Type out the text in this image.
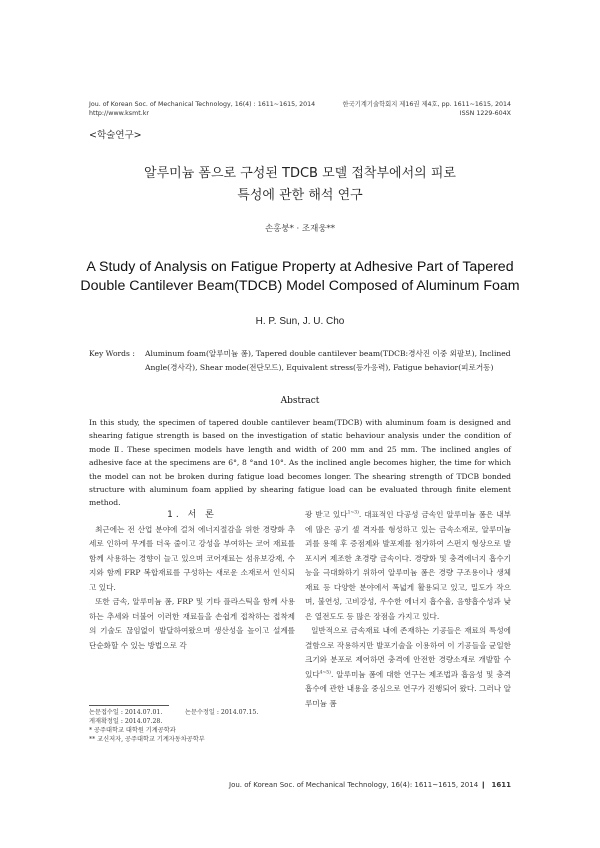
Jou. of Korean Soc. of Mechanical Technology, 16(4) : 1611~1615, 2014
http://www.ksmt.kr
한국기계기술학회지 제16권 제4호, pp. 1611~1615, 2014
ISSN 1229-604X
<학술연구>
알루미늄 폼으로 구성된 TDCB 모델 접착부에서의 피로
특성에 관한 해석 연구
손홍붕* · 조재웅**
A Study of Analysis on Fatigue Property at Adhesive Part of Tapered
Double Cantilever Beam(TDCB) Model Composed of Aluminum Foam
H. P. Sun, J. U. Cho
Key Words : Aluminum foam(알루미늄 폼), Tapered double cantilever beam(TDCB:경사진 이중 외팔보), Inclined Angle(경사각), Shear mode(전단모드), Equivalent stress(등가응력), Fatigue behavior(피로거동)
Abstract
In this study, the specimen of tapered double cantilever beam(TDCB) with aluminum foam is designed and shearing fatigue strength is based on the investigation of static behaviour analysis under the condition of mode Ⅱ. These specimen models have length and width of 200 mm and 25 mm. The inclined angles of adhesive face at the specimens are 6°, 8 °and 10°. As the inclined angle becomes higher, the time for which the model can not be broken during fatigue load becomes longer. The shearing strength of TDCB bonded structure with aluminum foam applied by shearing fatigue load can be evaluated through finite element method.

1. 서 론

최근에는 전 산업 분야에 걸쳐 에너지절감을 위한 경량화 추세로 인하여 무게를 더욱 줄이고 강성을 부여하는 코어 재료를 함께 사용하는 경향이 늘고 있으며 코어재료는 섬유보강재, 수지와 함께 FRP 복합재료를 구성하는 새로운 소재로서 인식되고 있다.

또한 금속, 알루미늄 폼, FRP 및 기타 플라스틱을 함께 사용하는 추세와 더불어 이러한 재료들을 손쉽게 접착하는 접착제의 기술도 끊임없이 발달하여왔으며 생산성을 높이고 설계를 단순화할 수 있는 방법으로 각

광 받고 있다$^{1\sim 3)}$. 대표적인 다공성 금속인 알루미늄 폼은 내부에 많은 공기 셀 격자를 형성하고 있는 금속소재로, 알루미늄 괴를 용해 후 증점제와 발포제를 첨가하여 스펀지 형상으로 발포시켜 제조한 초경량 금속이다. 경량화 및 충격에너지 흡수기능을 극대화하기 위하여 알루미늄 폼은 경량 구조용이나 생체재료 등 다양한 분야에서 폭넓게 활용되고 있고, 밀도가 작으며, 불연성, 고비강성, 우수한 에너지 흡수율, 음향흡수성과 낮은 열전도도 등 많은 장점을 가지고 있다.

일반적으로 금속재료 내에 존재하는 기공들은 재료의 특성에 결함으로 작용하지만 발포기술을 이용하여 이 기공들을 균일한 크기와 분포로 제어하면 충격에 안전한 경량소재로 개발할 수 있다$^{4\sim 5)}$. 알루미늄 폼에 대한 연구는 제조법과 흡음성 및 충격흡수에 관한 내용을 중심으로 연구가 진행되어 왔다. 그러나 알루미늄 폼

논문접수일 : 2014.07.01.	논문수정일 : 2014.07.15.
게재확정일 : 2014.07.28.
* 공주대학교 대학원 기계공학과
** 교신저자, 공주대학교 기계자동차공학부
Jou. of Korean Soc. of Mechanical Technology, 16(4): 1611~1615, 2014 ❙ 1611
